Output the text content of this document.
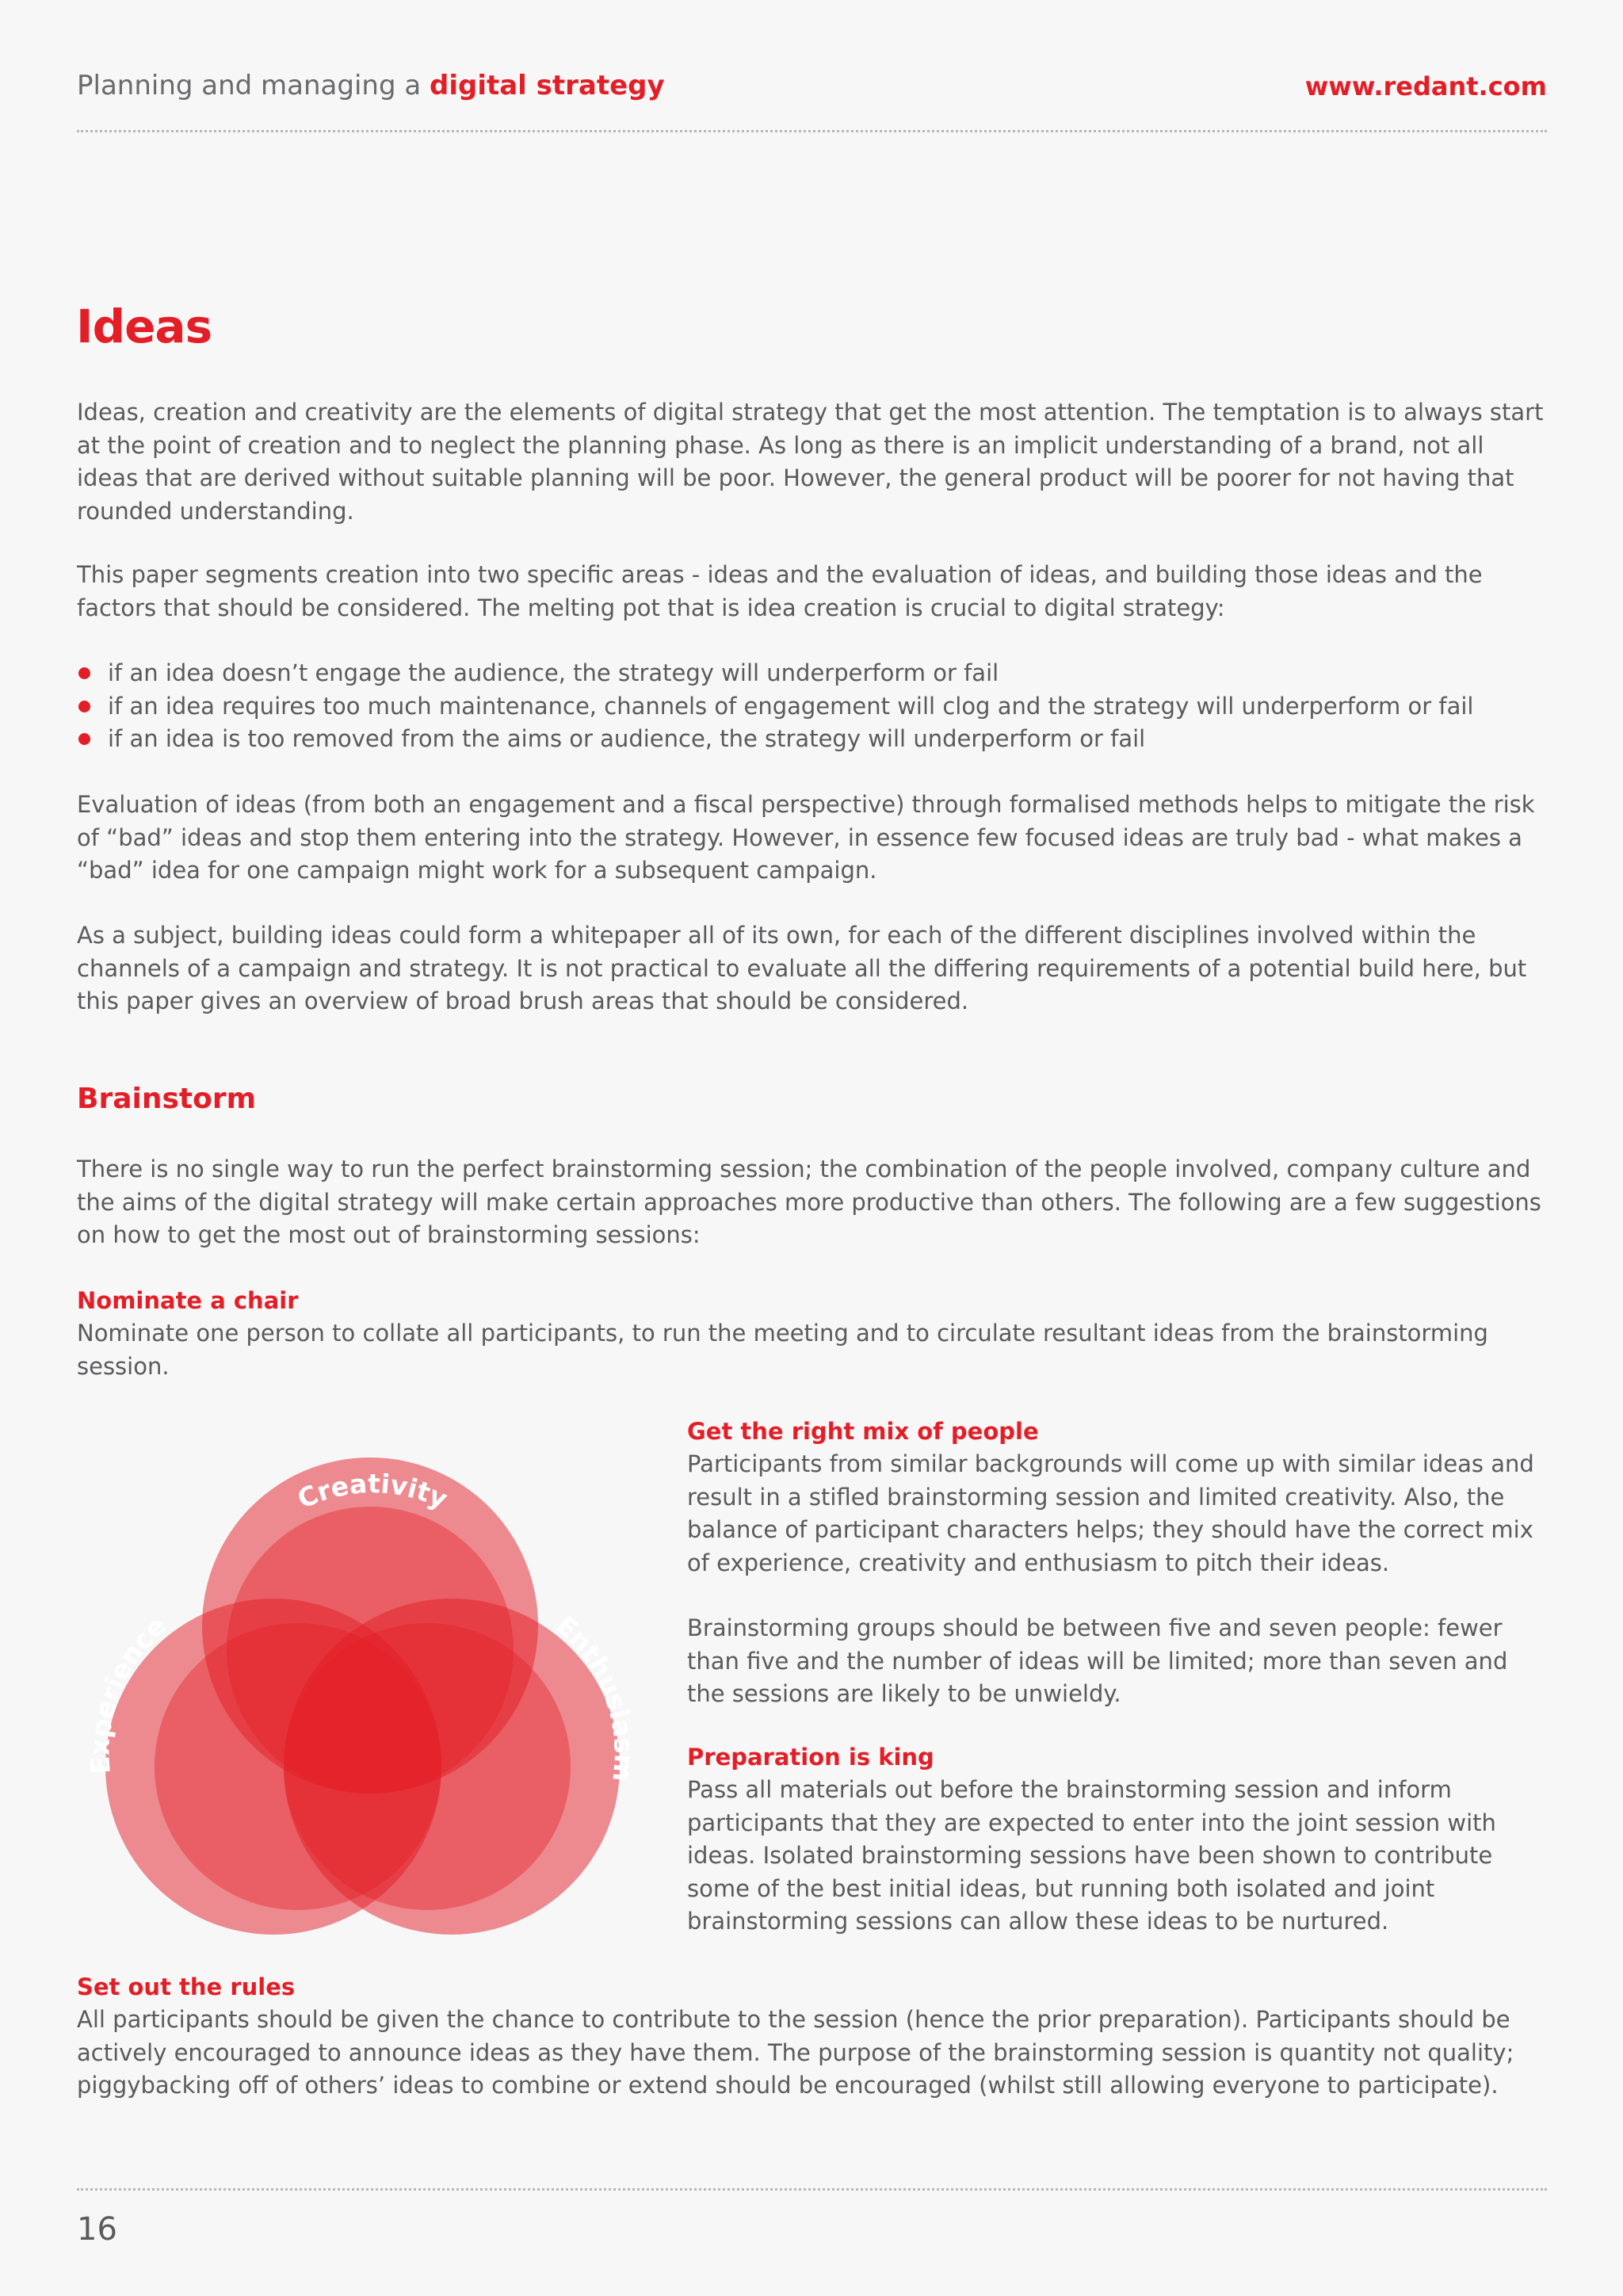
Planning and managing a digital strategy	www.redant.com
Ideas
Ideas, creation and creativity are the elements of digital strategy that get the most attention. The temptation is to always start at the point of creation and to neglect the planning phase. As long as there is an implicit understanding of a brand, not all ideas that are derived without suitable planning will be poor. However, the general product will be poorer for not having that rounded understanding.
This paper segments creation into two specific areas - ideas and the evaluation of ideas, and building those ideas and the factors that should be considered. The melting pot that is idea creation is crucial to digital strategy:
if an idea doesn’t engage the audience, the strategy will underperform or fail
if an idea requires too much maintenance, channels of engagement will clog and the strategy will underperform or fail
if an idea is too removed from the aims or audience, the strategy will underperform or fail
Evaluation of ideas (from both an engagement and a fiscal perspective) through formalised methods helps to mitigate the risk of “bad” ideas and stop them entering into the strategy. However, in essence few focused ideas are truly bad - what makes a “bad” idea for one campaign might work for a subsequent campaign.
As a subject, building ideas could form a whitepaper all of its own, for each of the different disciplines involved within the channels of a campaign and strategy. It is not practical to evaluate all the differing requirements of a potential build here, but this paper gives an overview of broad brush areas that should be considered.
Brainstorm
There is no single way to run the perfect brainstorming session; the combination of the people involved, company culture and the aims of the digital strategy will make certain approaches more productive than others. The following are a few suggestions on how to get the most out of brainstorming sessions:
Nominate a chair

Nominate one person to collate all participants, to run the meeting and to circulate resultant ideas from the brainstorming session.

Creativity
Experience	Enthusiasm
Get the right mix of people

Participants from similar backgrounds will come up with similar ideas and result in a stifled brainstorming session and limited creativity. Also, the balance of participant characters helps; they should have the correct mix of experience, creativity and enthusiasm to pitch their ideas.

Brainstorming groups should be between five and seven people: fewer than five and the number of ideas will be limited; more than seven and the sessions are likely to be unwieldy.

Preparation is king

Pass all materials out before the brainstorming session and inform participants that they are expected to enter into the joint session with ideas. Isolated brainstorming sessions have been shown to contribute some of the best initial ideas, but running both isolated and joint brainstorming sessions can allow these ideas to be nurtured.

Set out the rules

All participants should be given the chance to contribute to the session (hence the prior preparation). Participants should be actively encouraged to announce ideas as they have them. The purpose of the brainstorming session is quantity not quality; piggybacking off of others’ ideas to combine or extend should be encouraged (whilst still allowing everyone to participate).

16
